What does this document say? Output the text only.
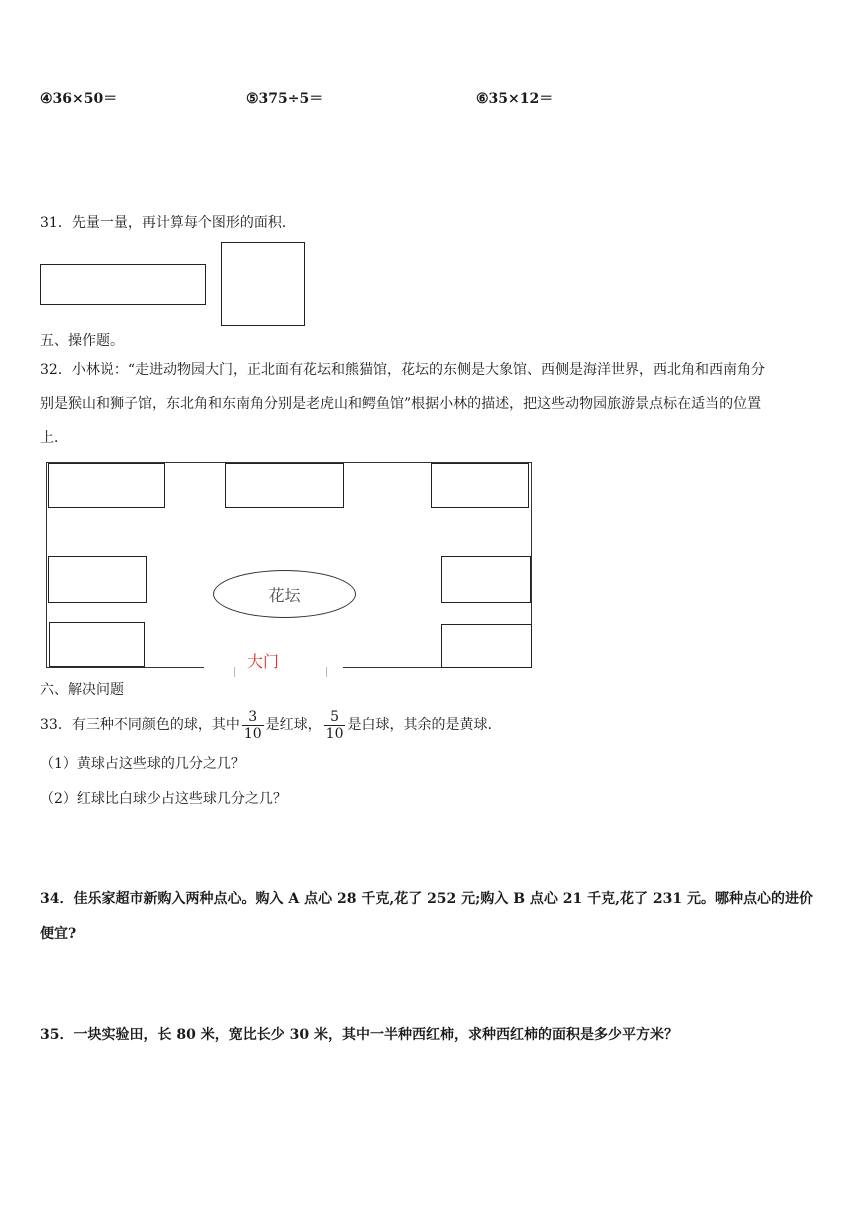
④36×50＝	⑤375÷5＝	⑥35×12＝
31．先量一量，再计算每个图形的面积．
五、操作题。
32．小林说：“走进动物园大门，正北面有花坛和熊猫馆，花坛的东侧是大象馆、西侧是海洋世界，西北角和西南角分
别是猴山和狮子馆，东北角和东南角分别是老虎山和鳄鱼馆”根据小林的描述，把这些动物园旅游景点标在适当的位置
上．
花坛
大门
六、解决问题
33．有三种不同颜色的球，其中 $\frac{3}{10}$ 是红球， $\frac{5}{10}$ 是白球，其余的是黄球.
（1）黄球占这些球的几分之几？
（2）红球比白球少占这些球几分之几？
34．佳乐家超市新购入两种点心。购入 A 点心 28 千克,花了 252 元;购入 B 点心 21 千克,花了 231 元。哪种点心的进价
便宜?
35．一块实验田，长 80 米，宽比长少 30 米，其中一半种西红柿，求种西红柿的面积是多少平方米？
